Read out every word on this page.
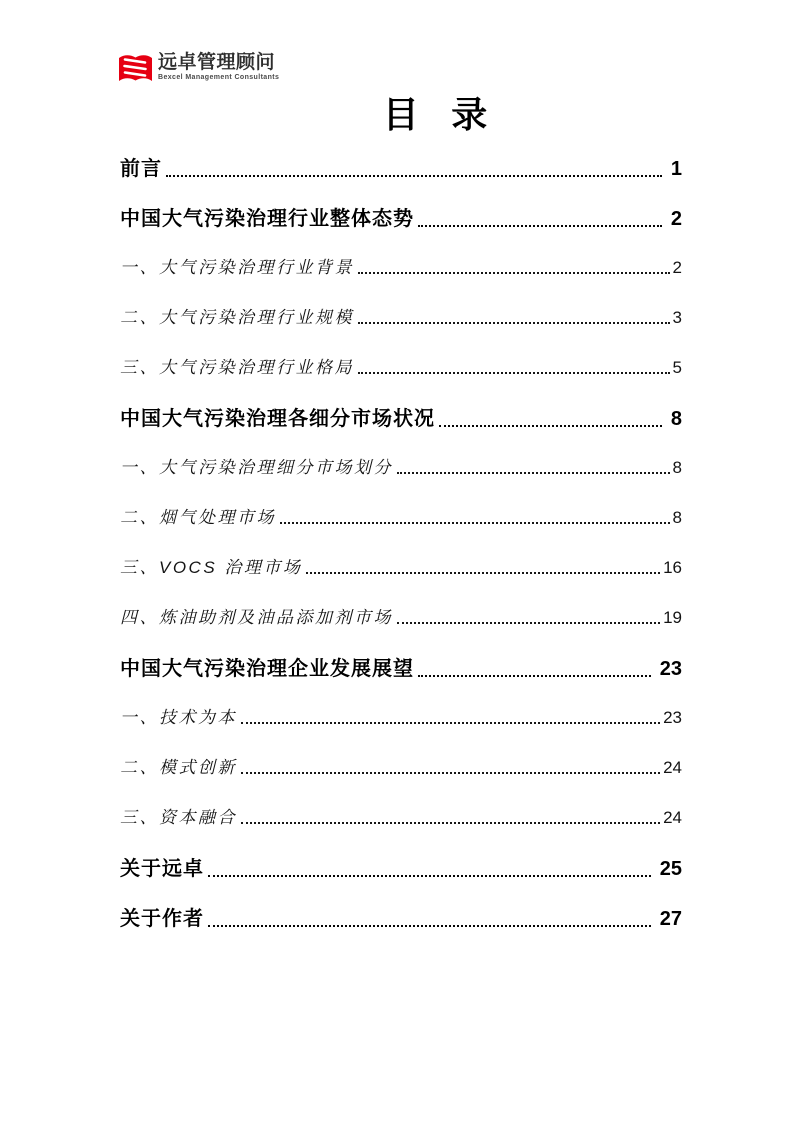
远卓管理顾问
Bexcel Management Consultants
目 录
前言	1
中国大气污染治理行业整体态势	2
一、大气污染治理行业背景	2
二、大气污染治理行业规模	3
三、大气污染治理行业格局	5
中国大气污染治理各细分市场状况	8
一、大气污染治理细分市场划分	8
二、烟气处理市场	8
三、VOCS 治理市场	16
四、炼油助剂及油品添加剂市场	19
中国大气污染治理企业发展展望	23
一、技术为本	23
二、模式创新	24
三、资本融合	24
关于远卓	25
关于作者	27
